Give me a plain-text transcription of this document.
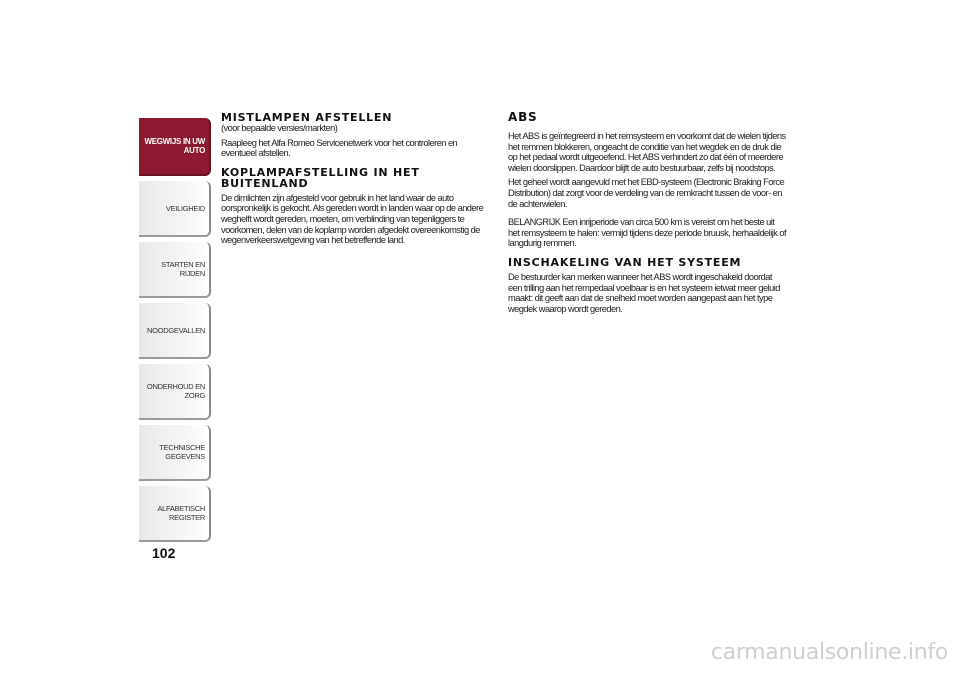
WEGWIJS IN UW
AUTO
VEILIGHEID
STARTEN EN RIJDEN
NOODGEVALLEN
ONDERHOUD EN
ZORG
TECHNISCHE
GEGEVENS
ALFABETISCH
REGISTER
102
MISTLAMPEN AFSTELLEN

(voor bepaalde versies/markten)

Raapleeg het Alfa Romeo Servicenetwerk voor het controleren en eventueel afstellen.

KOPLAMPAFSTELLING IN HET BUITENLAND

De dimlichten zijn afgesteld voor gebruik in het land waar de auto oorspronkelijk is gekocht. Als gereden wordt in landen waar op de andere weghelft wordt gereden, moeten, om verblinding van tegenliggers te voorkomen, delen van de koplamp worden afgedekt overeenkomstig de wegenverkeerswetgeving van het betreffende land.

ABS

Het ABS is geïntegreerd in het remsysteem en voorkomt dat de wielen tijdens het remmen blokkeren, ongeacht de conditie van het wegdek en de druk die op het pedaal wordt uitgeoefend. Het ABS verhindert zo dat één of meerdere wielen doorslippen. Daardoor blijft de auto bestuurbaar, zelfs bij noodstops.

Het geheel wordt aangevuld met het EBD-systeem (Electronic Braking Force Distribution) dat zorgt voor de verdeling van de remkracht tussen de voor- en de achterwielen.

BELANGRIJK Een inrijperiode van circa 500 km is vereist om het beste uit het remsysteem te halen: vermijd tijdens deze periode bruusk, herhaaldelijk of langdurig remmen.

INSCHAKELING VAN HET SYSTEEM

De bestuurder kan merken wanneer het ABS wordt ingeschakeld doordat een trilling aan het rempedaal voelbaar is en het systeem ietwat meer geluid maakt: dit geeft aan dat de snelheid moet worden aangepast aan het type wegdek waarop wordt gereden.

carmanualsonline.info
